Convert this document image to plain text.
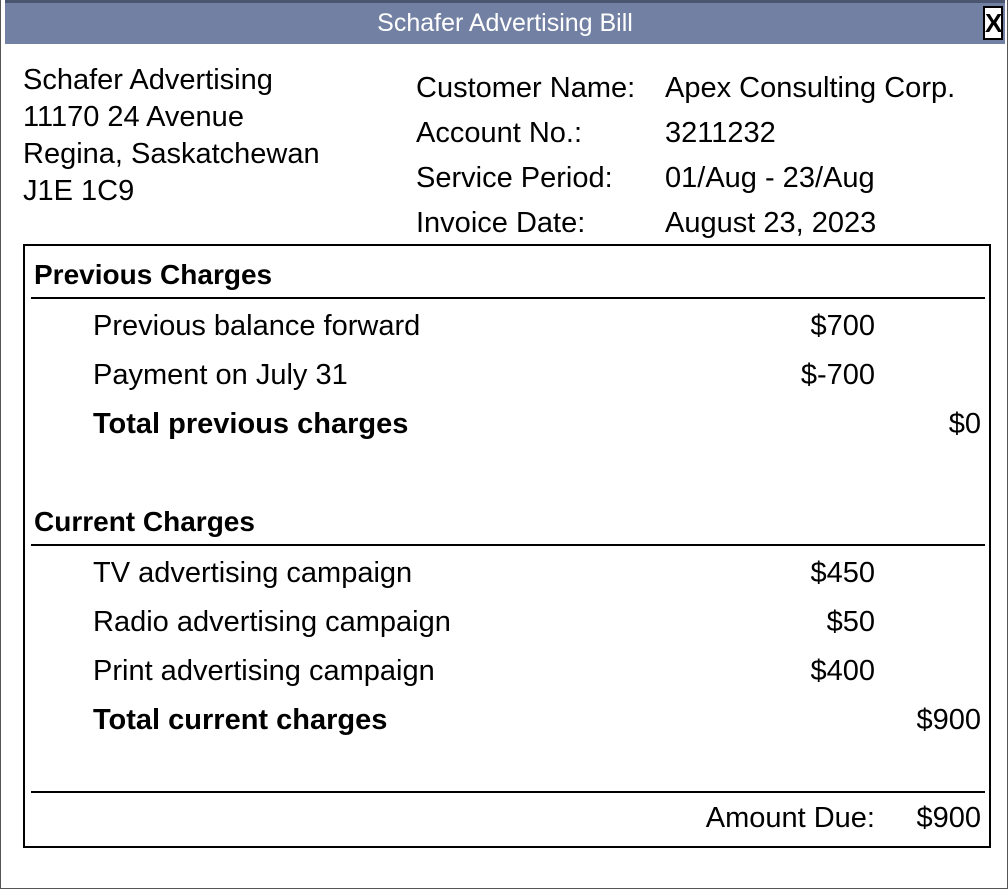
Schafer Advertising Bill	X
Schafer Advertising
11170 24 Avenue
Regina, Saskatchewan
J1E 1C9
Customer Name: Apex Consulting Corp.
Account No.:	3211232
Service Period: 01/Aug - 23/Aug
Invoice Date:	August 23, 2023
Previous Charges
Previous balance forward	$700
Payment on July 31	$-700
Total previous charges	$0
Current Charges
TV advertising campaign	$450
Radio advertising campaign	$50
Print advertising campaign	$400
Total current charges	$900
Amount Due: $900
